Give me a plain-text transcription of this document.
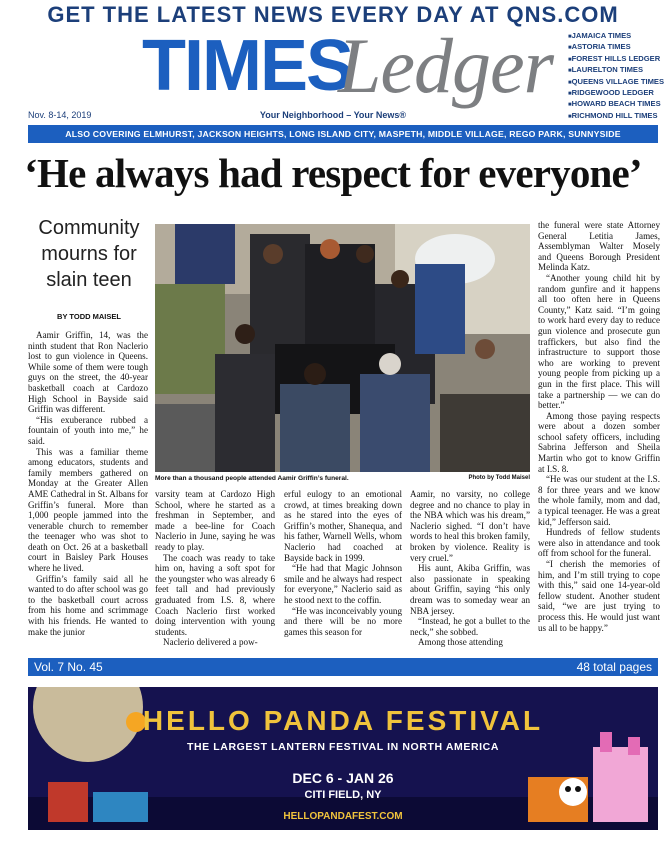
GET THE LATEST NEWS EVERY DAY AT QNS.COM
TIMES
Ledger
■	JAMAICA TIMES
■ ASTORIA TIMES
■ FOREST HILLS LEDGER
■ LAURELTON TIMES
■ QUEENS VILLAGE TIMES
■ RIDGEWOOD LEDGER
■ HOWARD BEACH TIMES
■ RICHMOND HILL TIMES
Nov. 8-14, 2019	Your Neighborhood – Your News®
ALSO COVERING ELMHURST, JACKSON HEIGHTS, LONG ISLAND CITY, MASPETH, MIDDLE VILLAGE, REGO PARK, SUNNYSIDE
‘He always had respect for everyone’
Community mourns for slain teen
BY TODD MAISEL

Aamir Griffin, 14, was the ninth student that Ron Naclerio lost to gun violence in Queens. While some of them were tough guys on the street, the 40-year basketball coach at Cardozo High School in Bayside said Griffin was different.

“His exuberance rubbed a fountain of youth into me,” he said.

This was a familiar theme among educators, students and family members gathered on Monday at the Greater Allen AME Cathedral in St. Albans for Griffin’s funeral. More than 1,000 people jammed into the venerable church to remember the teenager who was shot to death on Oct. 26 at a basketball court in Baisley Park Houses where he lived.

Griffin’s family said all he wanted to do after school was go to the basketball court across from his home and scrimmage with his friends. He wanted to make the junior

More than a thousand people attended Aamir Griffin’s funeral.	Photo by Todd Maisel

varsity team at Cardozo High School, where he started as a freshman in September, and made a bee-line for Coach Naclerio in June, saying he was ready to play.

The coach was ready to take him on, having a soft spot for the youngster who was already 6 feet tall and had previously graduated from I.S. 8, where Coach Naclerio first worked doing intervention with young students.

Naclerio delivered a pow-

erful eulogy to an emotional crowd, at times breaking down as he stared into the eyes of Griffin’s mother, Shanequa, and his father, Warnell Wells, whom Naclerio had coached at Bayside back in 1999.

“He had that Magic Johnson smile and he always had respect for everyone,” Naclerio said as he stood next to the coffin.

“He was inconceivably young and there will be no more games this season for

Aamir, no varsity, no college degree and no chance to play in the NBA which was his dream,” Naclerio sighed. “I don’t have words to heal this broken family, broken by violence. Reality is very cruel.”

His aunt, Akiba Griffin, was also passionate in speaking about Griffin, saying “his only dream was to someday wear an NBA jersey.

“Instead, he got a bullet to the neck,” she sobbed.

Among those attending

the funeral were state Attorney General Letitia James, Assemblyman Walter Mosely and Queens Borough President Melinda Katz.

“Another young child hit by random gunfire and it happens all too often here in Queens County,” Katz said. “I’m going to work hard every day to reduce gun violence and prosecute gun traffickers, but also find the infrastructure to support those who are working to prevent young people from picking up a gun in the first place. This will take a partnership — we can do better.”

Among those paying respects were about a dozen somber school safety officers, including Sabrina Jefferson and Sheila Martin who got to know Griffin at I.S. 8.

“He was our student at the I.S. 8 for three years and we know the whole family, mom and dad, a typical teenager. He was a great kid,” Jefferson said.

Hundreds of fellow students were also in attendance and took off from school for the funeral.

“I cherish the memories of him, and I’m still trying to cope with this,” said one 14-year-old fellow student. Another student said, “we are just trying to process this. He would just want us all to be happy.”

Vol. 7 No. 45	48 total pages
HELLO PANDA FESTIVAL
THE LARGEST LANTERN FESTIVAL IN NORTH AMERICA
DEC 6 - JAN 26
CITI FIELD, NY
HELLOPANDAFEST.COM
